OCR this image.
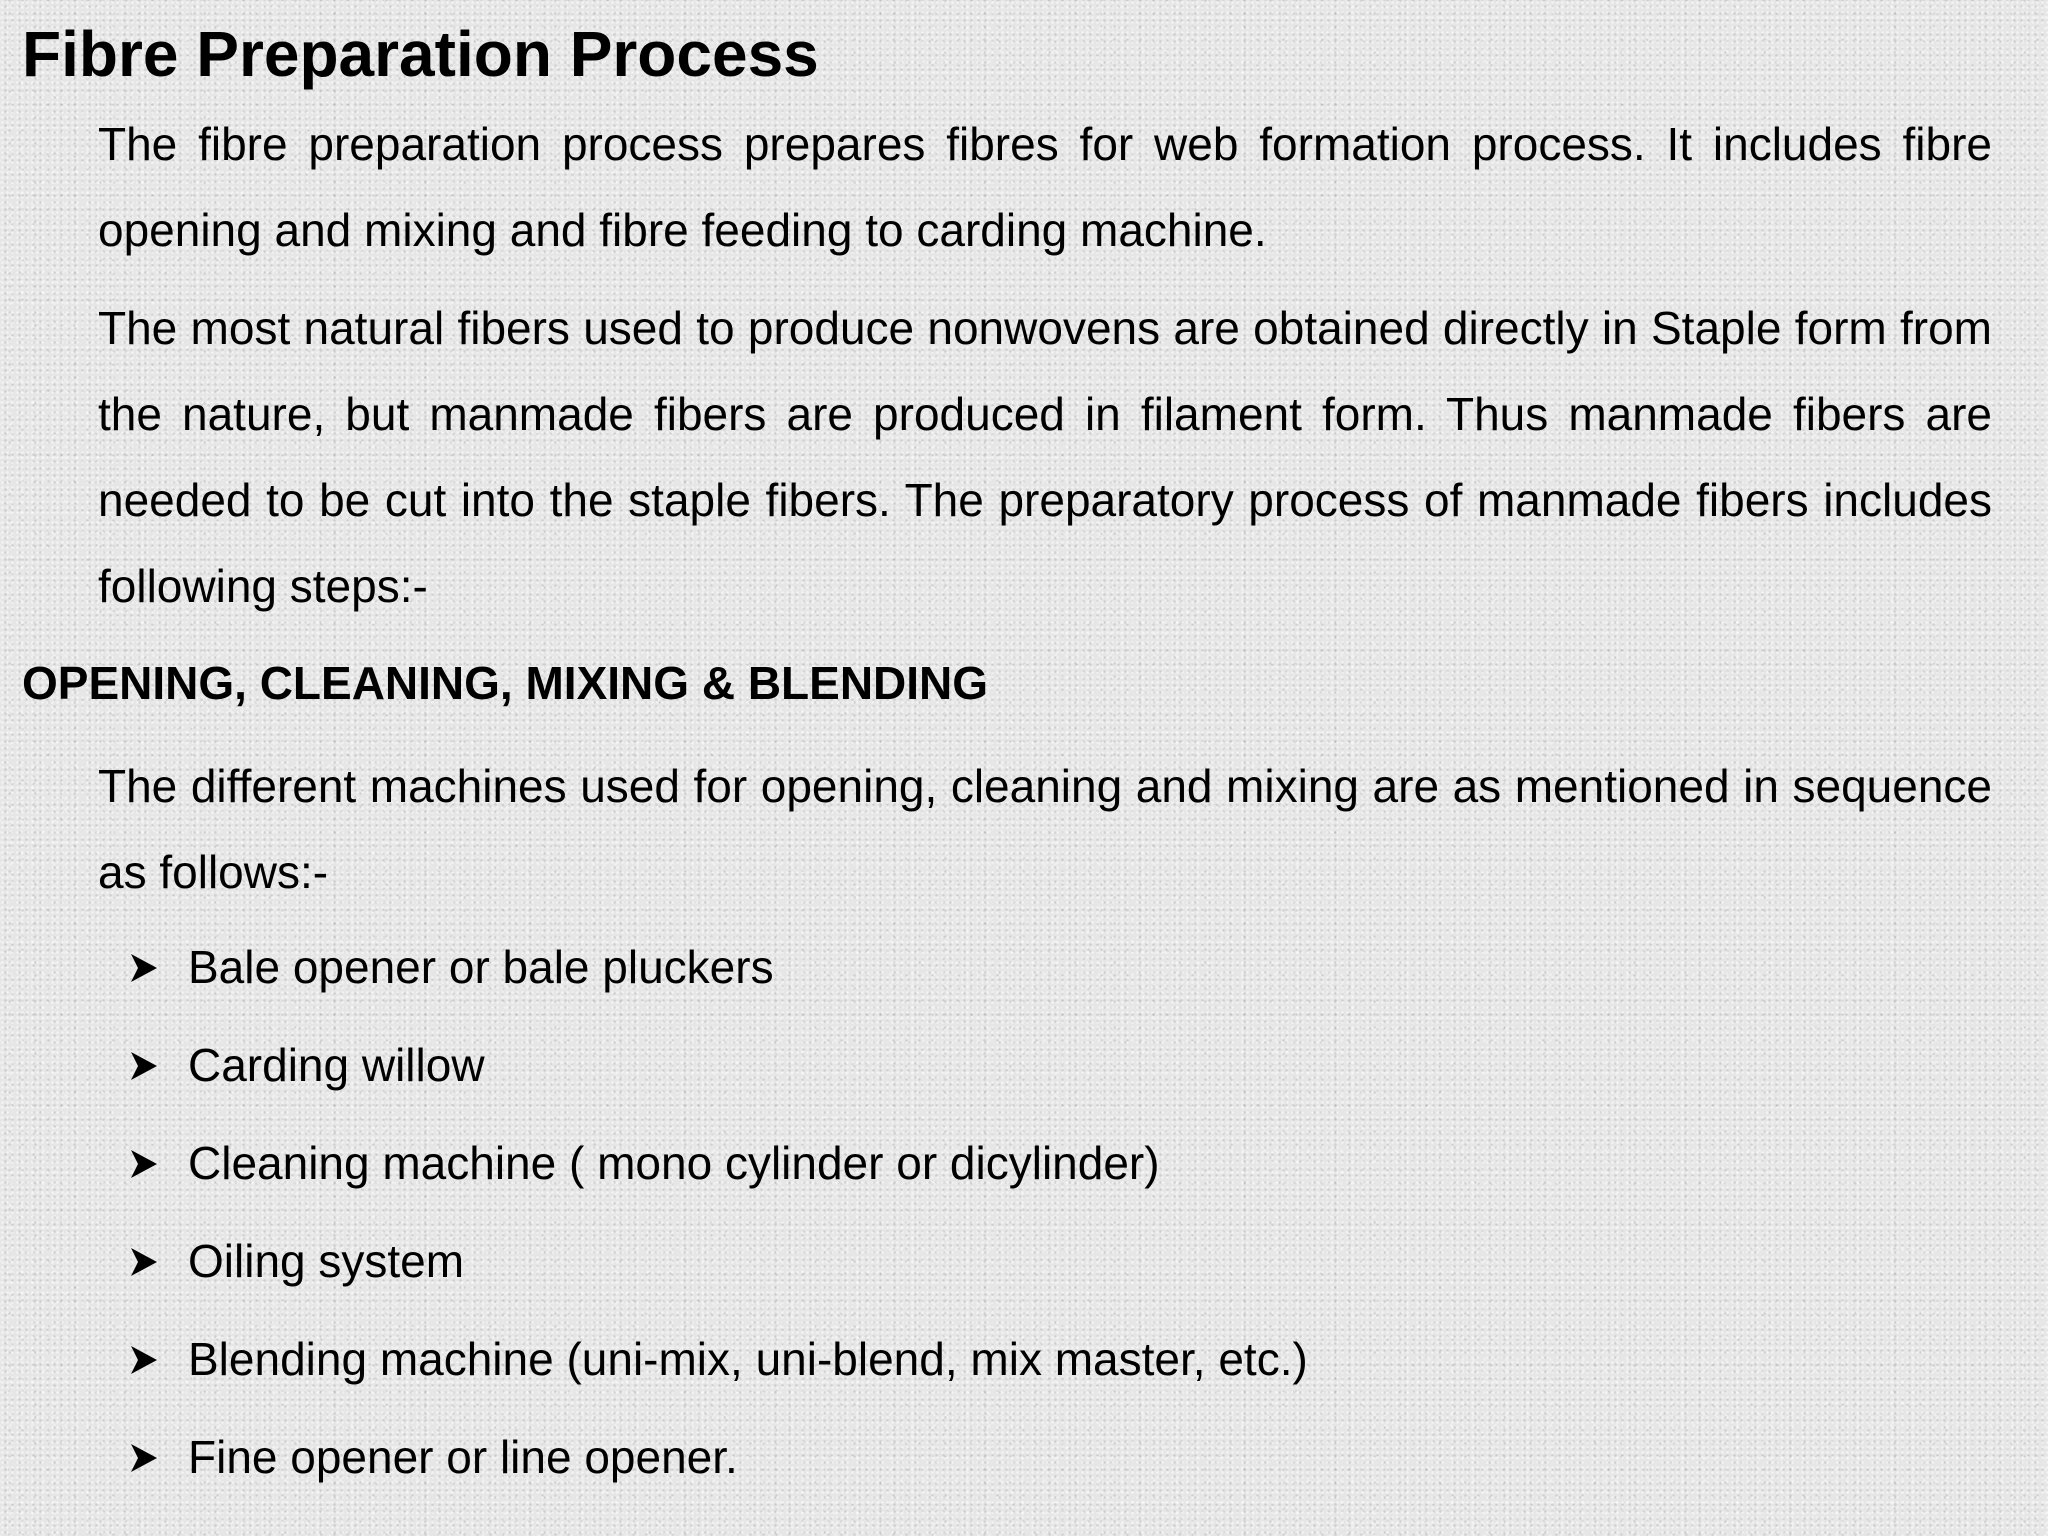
Fibre Preparation Process

The fibre preparation process prepares fibres for web formation process. It includes fibre opening and mixing and fibre feeding to carding machine.

The most natural fibers used to produce nonwovens are obtained directly in Staple form from the nature, but manmade fibers are produced in filament form. Thus manmade fibers are needed to be cut into the staple fibers. The preparatory process of manmade fibers includes following steps:-

OPENING, CLEANING, MIXING & BLENDING

The different machines used for opening, cleaning and mixing are as mentioned in sequence as follows:-

Bale opener or bale pluckers
Carding willow
Cleaning machine ( mono cylinder or dicylinder)
Oiling system
Blending machine (uni-mix, uni-blend, mix master, etc.)
Fine opener or line opener.
